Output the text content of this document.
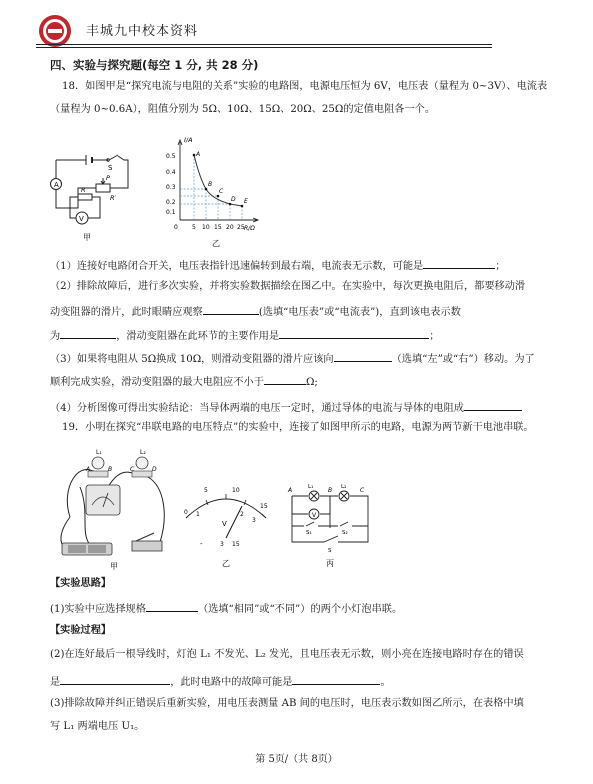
丰城九中校本资料
四、实验与探究题(每空 1 分, 共 28 分)
18．如图甲是“探究电流与电阻的关系”实验的电路图，电源电压恒为 6V，电压表（量程为 0~3V）、电流表
（量程为 0~0.6A），阻值分别为 5Ω、10Ω、15Ω、20Ω、25Ω的定值电阻各一个。
A
V
S
R
P
R′
甲
I/A
R/Ω
0
0.5
0.4
0.3
0.2
0.1
5 10 15 20 25
A
B
C
D E
乙
（1）连接好电路闭合开关，电压表指针迅速偏转到最右端，电流表无示数，可能是	；
（2）排除故障后，进行多次实验，并将实验数据描绘在图乙中。在实验中，每次更换电阻后，都要移动滑
动变阻器的滑片，此时眼睛应观察	(选填“电压表”或“电流表”)，直到该电表示数
为	，滑动变阻器在此环节的主要作用是	；
（3）如果将电阻从 5Ω换成 10Ω，则滑动变阻器的滑片应该向	（选填“左”或“右”）移动。为了
顺利完成实验，滑动变阻器的最大电阻应不小于	Ω;
（4）分析图像可得出实验结论：当导体两端的电压一定时，通过导体的电流与导体的电阻成
19．小明在探究“串联电路的电压特点”的实验中，连接了如图甲所示的电路，电源为两节新干电池串联。
L₁	L₂
A	B	C	D
甲
0
5	10
15
1	2
3
V
-	3 15
乙
V
A	L₁ B L₂ C
S₁	S₂
S
丙
【实验思路】
(1)实验中应选择规格	（选填“相同”或“不同”）的两个小灯泡串联。
【实验过程】
(2)在连好最后一根导线时，灯泡 L₁ 不发光、L₂ 发光，且电压表无示数，则小亮在连接电路时存在的错误
是	，此时电路中的故障可能是	。
(3)排除故障并纠正错误后重新实验，用电压表测量 AB 间的电压时，电压表示数如图乙所示，在表格中填
写 L₁ 两端电压 U₁。
第 5页/（共 8页）
